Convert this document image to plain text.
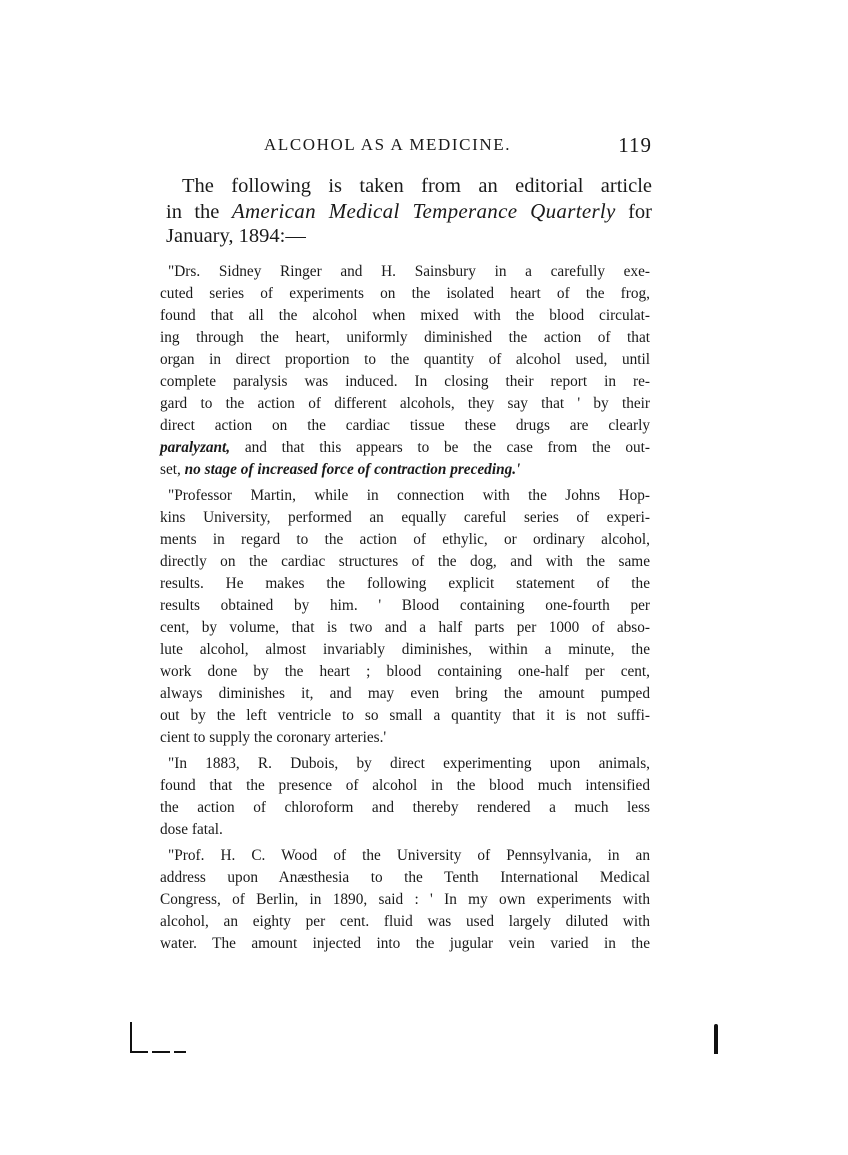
ALCOHOL AS A MEDICINE.	119
The following is taken from an editorial article
in the American Medical Temperance Quarterly for
January, 1894:—
"Drs. Sidney Ringer and H. Sainsbury in a carefully exe-
cuted series of experiments on the isolated heart of the frog,
found that all the alcohol when mixed with the blood circulat-
ing through the heart, uniformly diminished the action of that
organ in direct proportion to the quantity of alcohol used, until
complete paralysis was induced. In closing their report in re-
gard to the action of different alcohols, they say that ' by their
direct action on the cardiac tissue these drugs are clearly
paralyzant, and that this appears to be the case from the out-
set, no stage of increased force of contraction preceding.'
"Professor Martin, while in connection with the Johns Hop-
kins University, performed an equally careful series of experi-
ments in regard to the action of ethylic, or ordinary alcohol,
directly on the cardiac structures of the dog, and with the same
results. He makes the following explicit statement of the
results obtained by him. ' Blood containing one-fourth per
cent, by volume, that is two and a half parts per 1000 of abso-
lute alcohol, almost invariably diminishes, within a minute, the
work done by the heart ; blood containing one-half per cent,
always diminishes it, and may even bring the amount pumped
out by the left ventricle to so small a quantity that it is not suffi-
cient to supply the coronary arteries.'
"In 1883, R. Dubois, by direct experimenting upon animals,
found that the presence of alcohol in the blood much intensified
the action of chloroform and thereby rendered a much less
dose fatal.
"Prof. H. C. Wood of the University of Pennsylvania, in an
address upon Anæsthesia to the Tenth International Medical
Congress, of Berlin, in 1890, said : ' In my own experiments with
alcohol, an eighty per cent. fluid was used largely diluted with
water. The amount injected into the jugular vein varied in the
